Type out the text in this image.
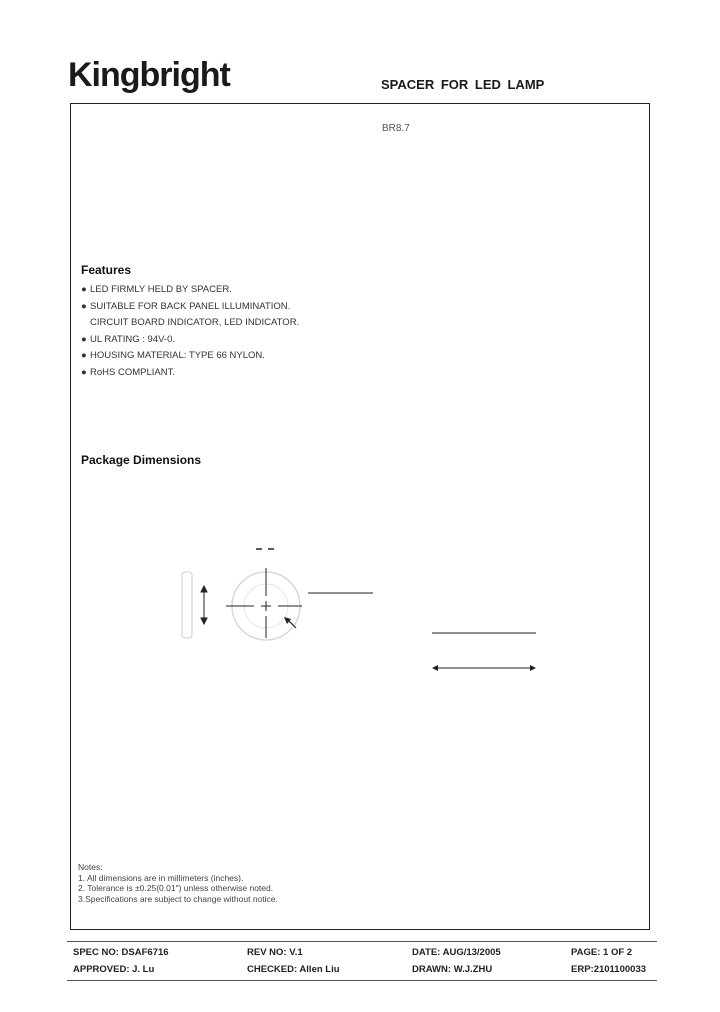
Kingbright	SPACER FOR LED LAMP
BR8.7
Features
● LED FIRMLY HELD BY SPACER.
● SUITABLE FOR BACK PANEL ILLUMINATION.
CIRCUIT BOARD INDICATOR, LED INDICATOR.
● UL RATING : 94V-0.
● HOUSING MATERIAL: TYPE 66 NYLON.
● RoHS COMPLIANT.
Package Dimensions
Notes:
1. All dimensions are in millimeters (inches).
2. Tolerance is ±0.25(0.01") unless otherwise noted.
3.Specifications are subject to change without notice.
SPEC NO: DSAF6716	REV NO: V.1	DATE: AUG/13/2005	PAGE: 1 OF 2
APPROVED: J. Lu	CHECKED: Allen Liu	DRAWN: W.J.ZHU	ERP:2101100033
